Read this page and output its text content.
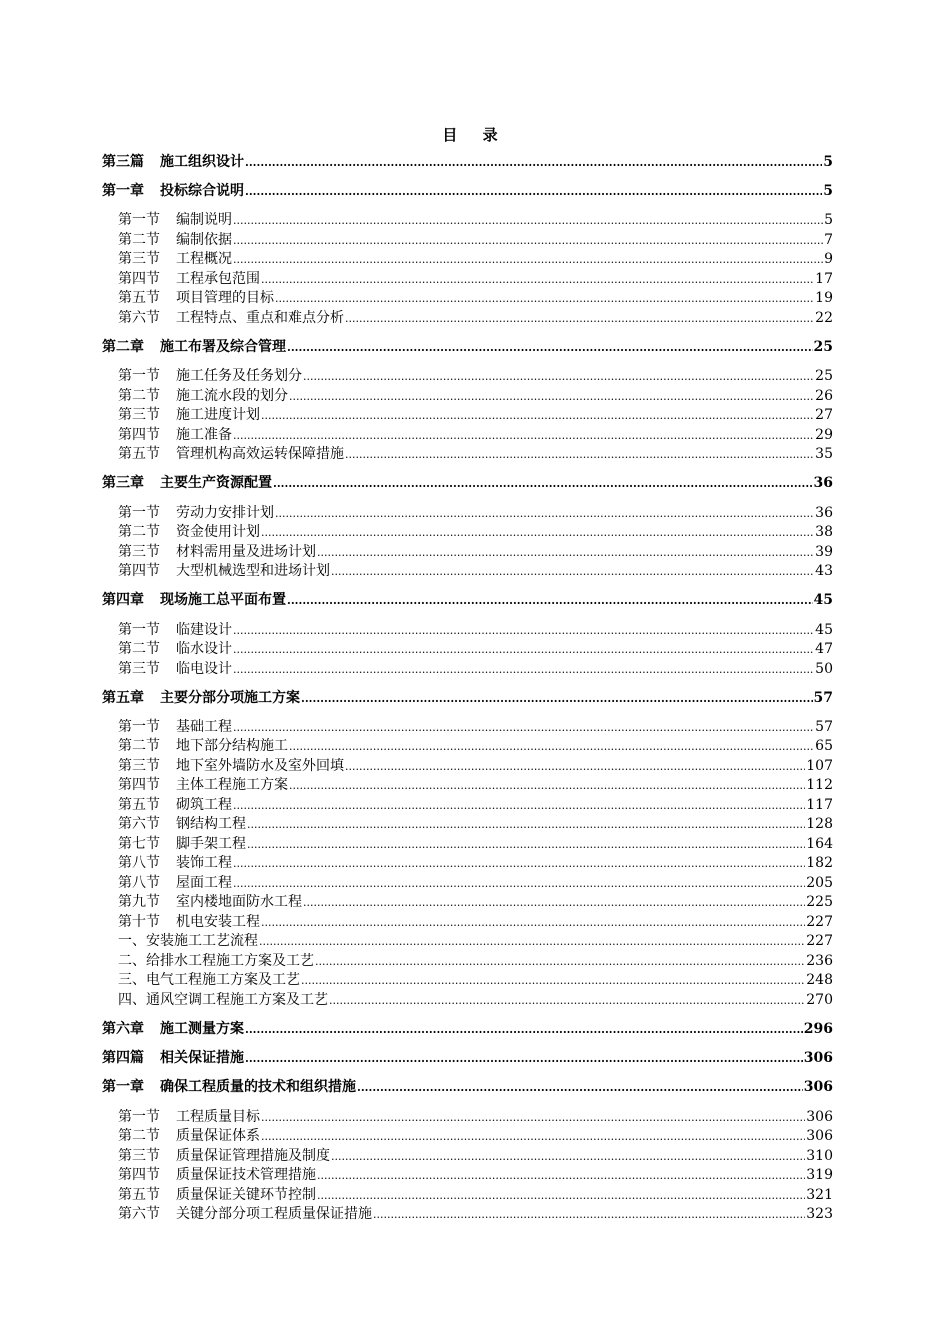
目 录
第三篇 施工组织设计 .....	5
第一章 投标综合说明 .....	5
第一节 编制说明 .....	5
第二节 编制依据 .....	7
第三节 工程概况 .....	9
第四节 工程承包范围 .....	17
第五节 项目管理的目标 .....	19
第六节 工程特点、重点和难点分析 .....	22
第二章 施工布署及综合管理 .....	25
第一节 施工任务及任务划分 .....	25
第二节 施工流水段的划分 .....	26
第三节 施工进度计划 .....	27
第四节 施工准备 .....	29
第五节 管理机构高效运转保障措施 .....	35
第三章 主要生产资源配置 .....	36
第一节 劳动力安排计划 .....	36
第二节 资金使用计划 .....	38
第三节 材料需用量及进场计划 .....	39
第四节 大型机械选型和进场计划 .....	43
第四章 现场施工总平面布置 .....	45
第一节 临建设计 .....	45
第二节 临水设计 .....	47
第三节 临电设计 .....	50
第五章 主要分部分项施工方案 .....	57
第一节 基础工程 .....	57
第二节 地下部分结构施工 .....	65
第三节 地下室外墙防水及室外回填 .....	107
第四节 主体工程施工方案 .....	112
第五节 砌筑工程 .....	117
第六节 钢结构工程 .....	128
第七节 脚手架工程 .....	164
第八节 装饰工程 .....	182
第八节 屋面工程 .....	205
第九节 室内楼地面防水工程 .....	225
第十节 机电安装工程 .....	227
一、安装施工工艺流程 .....	227
二、给排水工程施工方案及工艺 .....	236
三、电气工程施工方案及工艺 .....	248
四、通风空调工程施工方案及工艺 .....	270
第六章 施工测量方案 .....	296
第四篇 相关保证措施 .....	306
第一章 确保工程质量的技术和组织措施 .....	306
第一节 工程质量目标 .....	306
第二节 质量保证体系 .....	306
第三节 质量保证管理措施及制度 .....	310
第四节 质量保证技术管理措施 .....	319
第五节 质量保证关键环节控制 .....	321
第六节 关键分部分项工程质量保证措施 .....	323
